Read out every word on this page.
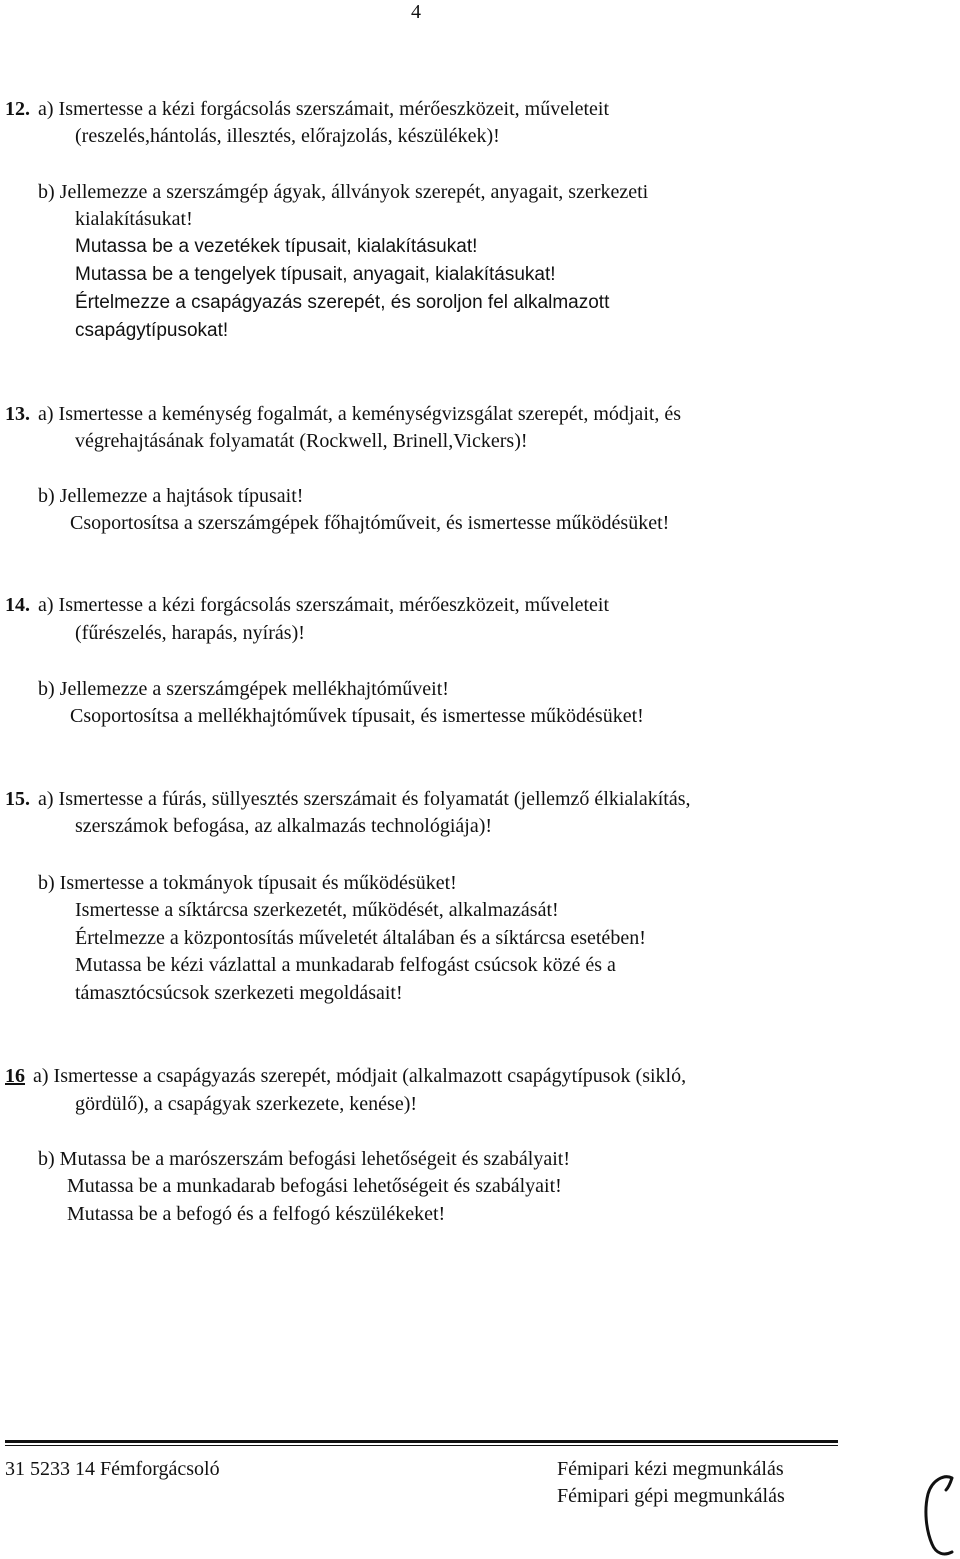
4
12. a) Ismertesse a kézi forgácsolás szerszámait, mérőeszközeit, műveleteit
(reszelés,hántolás, illesztés, előrajzolás, készülékek)!
b) Jellemezze a szerszámgép ágyak, állványok szerepét, anyagait, szerkezeti
kialakításukat!
Mutassa be a vezetékek típusait, kialakításukat!
Mutassa be a tengelyek típusait, anyagait, kialakításukat!
Értelmezze a csapágyazás szerepét, és soroljon fel alkalmazott
csapágytípusokat!
13. a) Ismertesse a keménység fogalmát, a keménységvizsgálat szerepét, módjait, és
végrehajtásának folyamatát (Rockwell, Brinell,Vickers)!
b) Jellemezze a hajtások típusait!
Csoportosítsa a szerszámgépek főhajtóműveit, és ismertesse működésüket!
14. a) Ismertesse a kézi forgácsolás szerszámait, mérőeszközeit, műveleteit
(fűrészelés, harapás, nyírás)!
b) Jellemezze a szerszámgépek mellékhajtóműveit!
Csoportosítsa a mellékhajtóművek típusait, és ismertesse működésüket!
15. a) Ismertesse a fúrás, süllyesztés szerszámait és folyamatát (jellemző élkialakítás,
szerszámok befogása, az alkalmazás technológiája)!
b) Ismertesse a tokmányok típusait és működésüket!
Ismertesse a síktárcsa szerkezetét, működését, alkalmazását!
Értelmezze a központosítás műveletét általában és a síktárcsa esetében!
Mutassa be kézi vázlattal a munkadarab felfogást csúcsok közé és a
támasztócsúcsok szerkezeti megoldásait!
16 a) Ismertesse a csapágyazás szerepét, módjait (alkalmazott csapágytípusok (sikló,
gördülő), a csapágyak szerkezete, kenése)!
b) Mutassa be a marószerszám befogási lehetőségeit és szabályait!
Mutassa be a munkadarab befogási lehetőségeit és szabályait!
Mutassa be a befogó és a felfogó készülékeket!
31 5233 14 Fémforgácsoló	Fémipari kézi megmunkálás
Fémipari gépi megmunkálás
